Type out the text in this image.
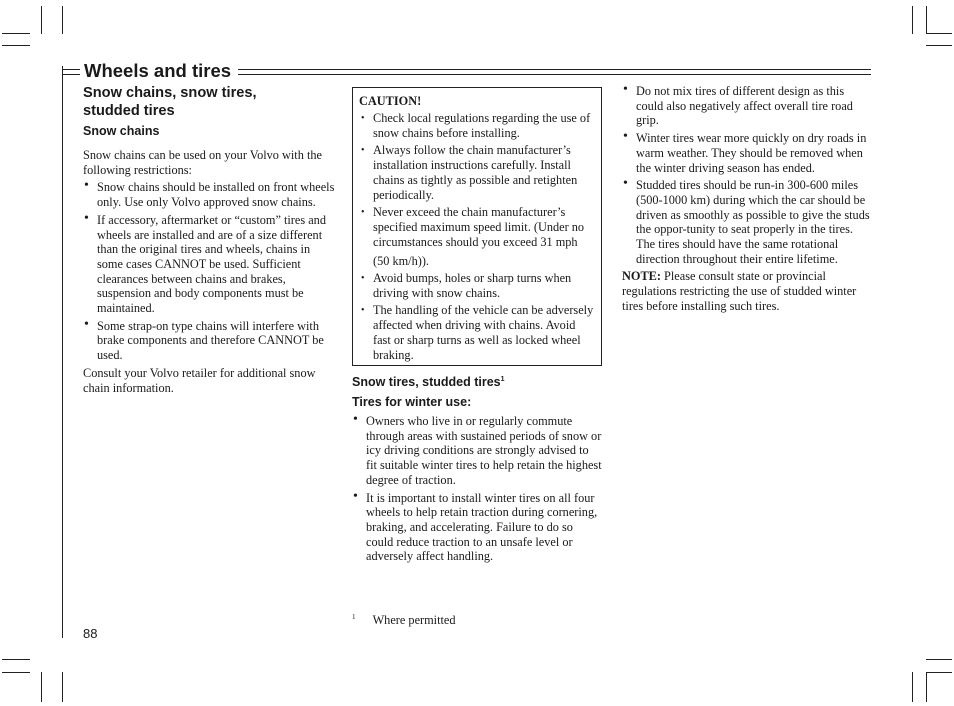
Wheels and tires
Snow chains, snow tires, studded tires
Snow chains

Snow chains can be used on your Volvo with the following restrictions:

• Snow chains should be installed on front wheels only. Use only Volvo approved snow chains.
• If accessory, aftermarket or “custom” tires and wheels are installed and are of a size different than the original tires and wheels, chains in some cases CANNOT be used. Sufficient clearances between chains and brakes, suspension and body components must be maintained.
• Some strap-on type chains will interfere with brake components and therefore CANNOT be used.

Consult your Volvo retailer for additional snow chain information.

CAUTION!
• Check local regulations regarding the use of snow chains before installing.
• Always follow the chain manufacturer’s installation instructions carefully. Install chains as tightly as possible and retighten periodically.
• Never exceed the chain manufacturer’s specified maximum speed limit. (Under no circumstances should you exceed 31 mph
(50 km/h)).
• Avoid bumps, holes or sharp turns when driving with snow chains.
• The handling of the vehicle can be adversely affected when driving with chains. Avoid fast or sharp turns as well as locked wheel braking.
Snow tires, studded tires$^1$
Tires for winter use:
• Owners who live in or regularly commute through areas with sustained periods of snow or icy driving conditions are strongly advised to fit suitable winter tires to help retain the highest degree of traction.
• It is important to install winter tires on all four wheels to help retain traction during cornering, braking, and accelerating. Failure to do so could reduce traction to an unsafe level or adversely affect handling.
$^1$ Where permitted
• Do not mix tires of different design as this could also negatively affect overall tire road grip.
• Winter tires wear more quickly on dry roads in warm weather. They should be removed when the winter driving season has ended.
• Studded tires should be run-in 300-600 miles (500-1000 km) during which the car should be driven as smoothly as possible to give the studs the oppor-tunity to seat properly in the tires. The tires should have the same rotational direction throughout their entire lifetime.

NOTE: Please consult state or provincial regulations restricting the use of studded winter tires before installing such tires.

88
